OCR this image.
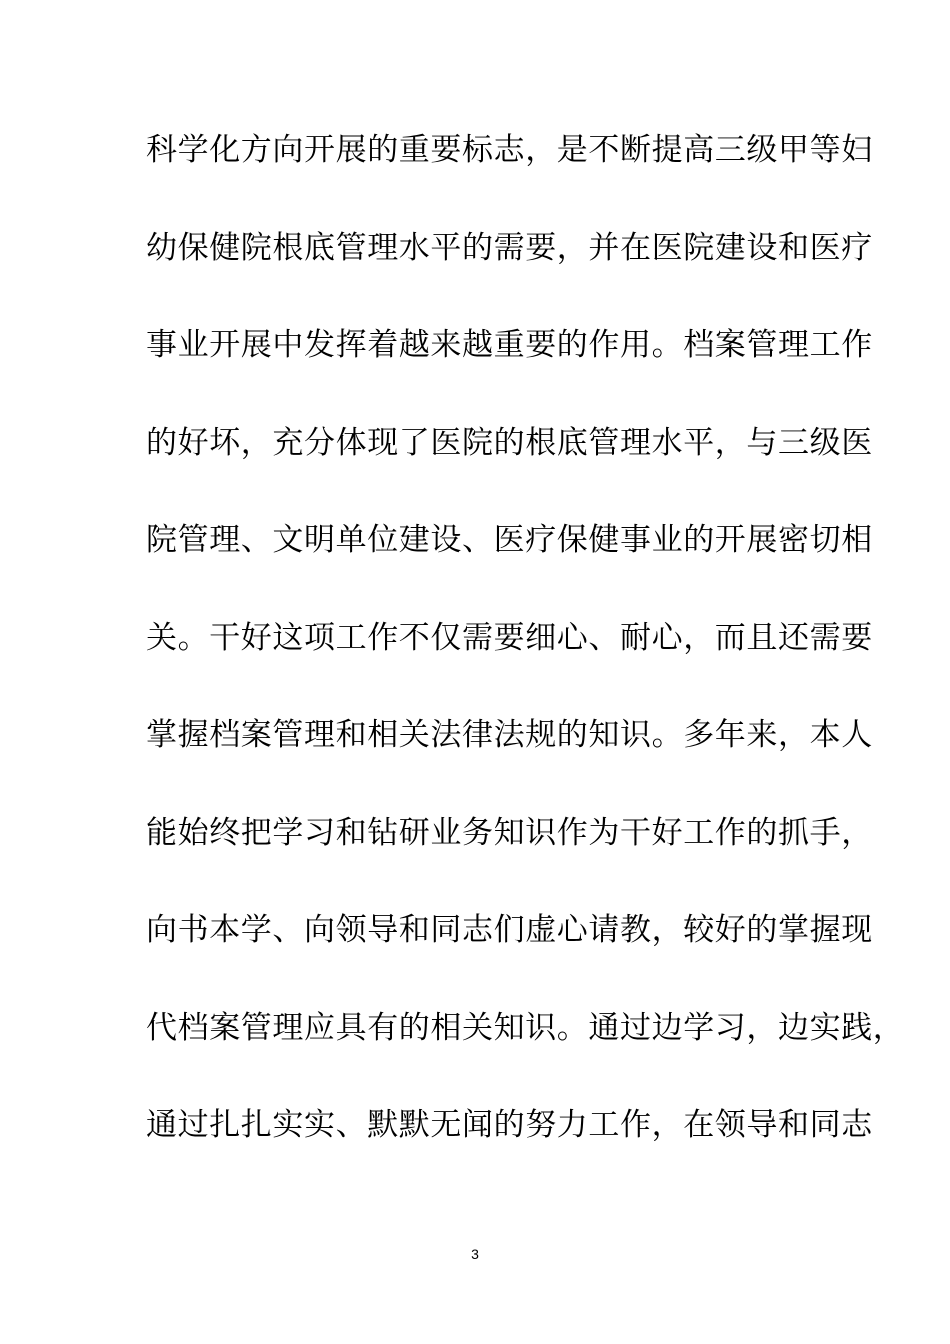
科学化方向开展的重要标志，是不断提高三级甲等妇
幼保健院根底管理水平的需要，并在医院建设和医疗
事业开展中发挥着越来越重要的作用。档案管理工作
的好坏，充分体现了医院的根底管理水平，与三级医
院管理、文明单位建设、医疗保健事业的开展密切相
关。干好这项工作不仅需要细心、耐心，而且还需要
掌握档案管理和相关法律法规的知识。多年来，本人
能始终把学习和钻研业务知识作为干好工作的抓手，
向书本学、向领导和同志们虚心请教，较好的掌握现
代档案管理应具有的相关知识。通过边学习，边实践，
通过扎扎实实、默默无闻的努力工作，在领导和同志
3
